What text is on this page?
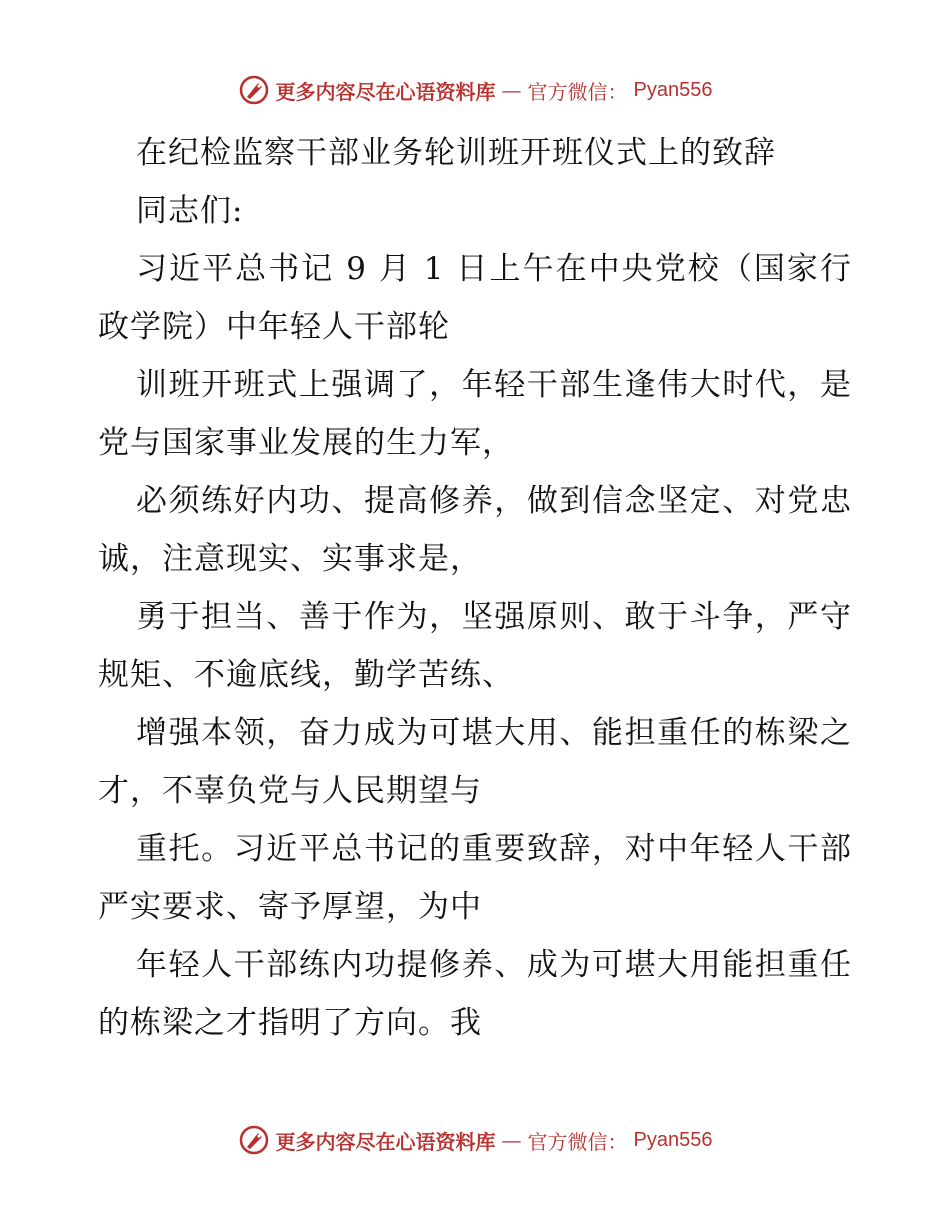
更多内容尽在心语资料库 — 官方微信： Pyan556

在纪检监察干部业务轮训班开班仪式上的致辞

同志们:

习近平总书记 9 月 1 日上午在中央党校（国家行政学院）中年轻人干部轮

训班开班式上强调了，年轻干部生逢伟大时代，是党与国家事业发展的生力军，

必须练好内功、提高修养，做到信念坚定、对党忠诚，注意现实、实事求是，

勇于担当、善于作为，坚强原则、敢于斗争，严守规矩、不逾底线，勤学苦练、

增强本领，奋力成为可堪大用、能担重任的栋梁之才，不辜负党与人民期望与

重托。习近平总书记的重要致辞，对中年轻人干部严实要求、寄予厚望，为中

年轻人干部练内功提修养、成为可堪大用能担重任的栋梁之才指明了方向。我

更多内容尽在心语资料库 — 官方微信： Pyan556
